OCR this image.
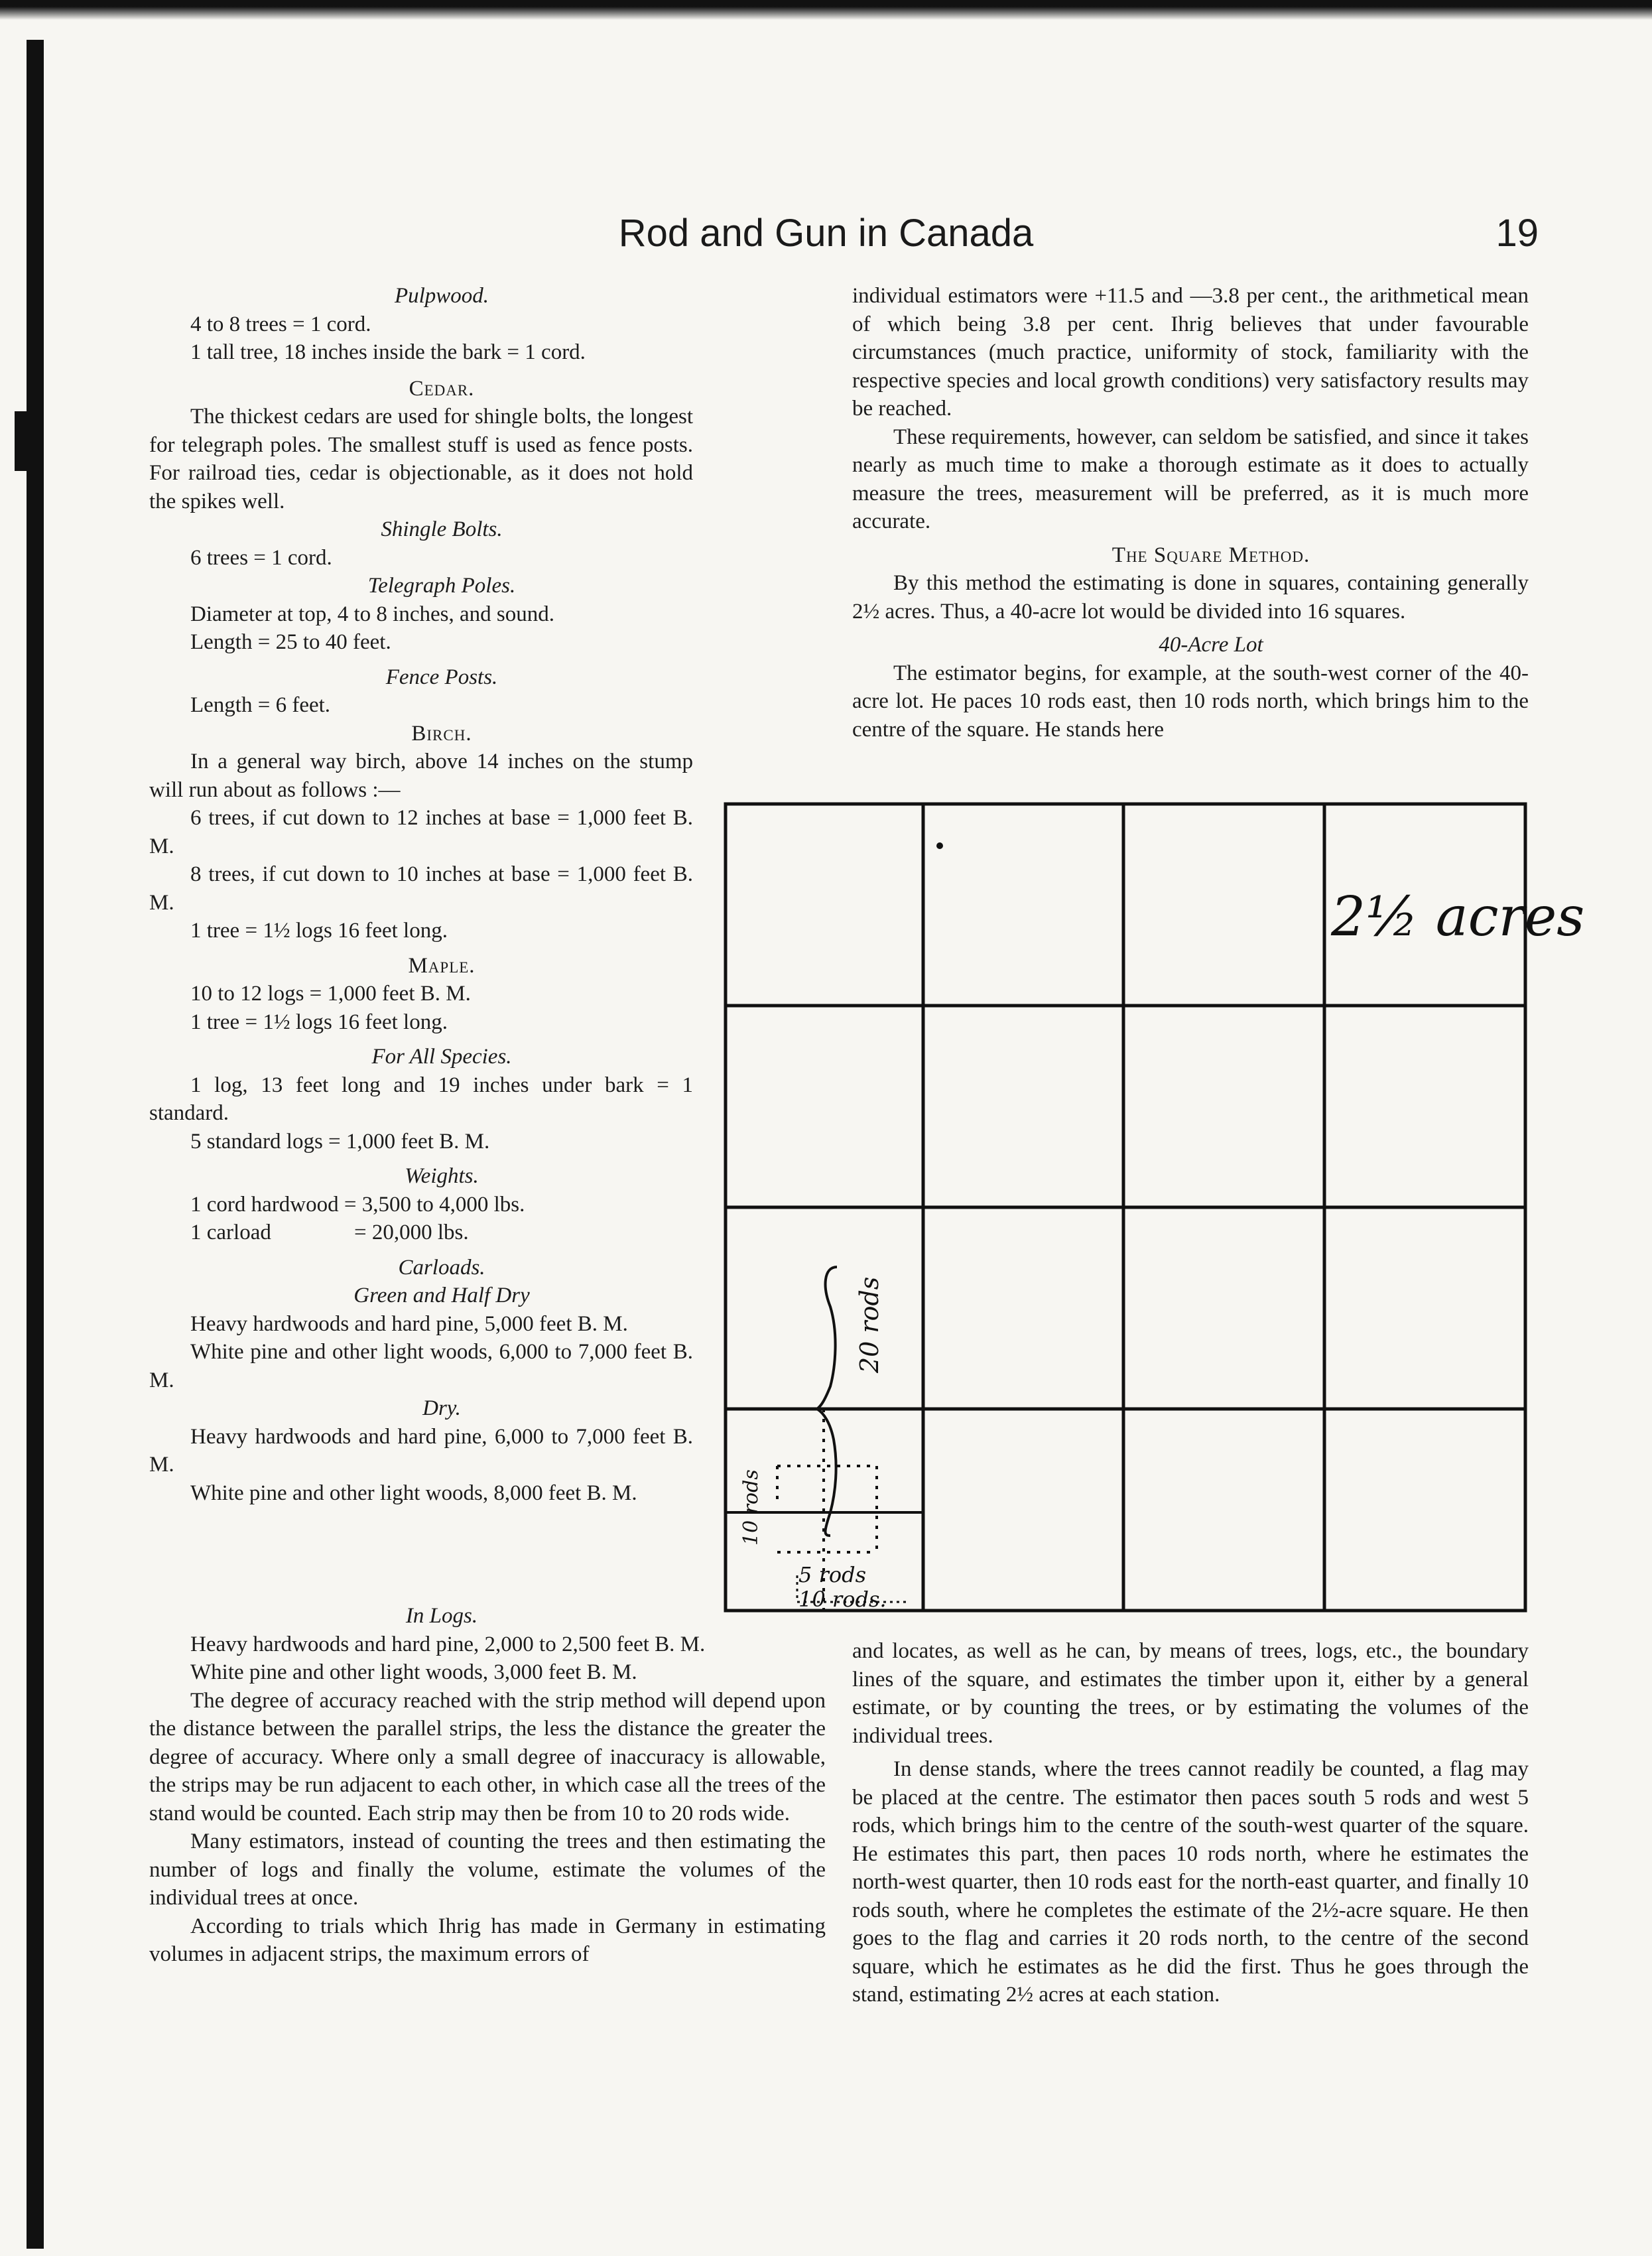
Rod and Gun in Canada	19

Pulpwood.

4 to 8 trees = 1 cord.

1 tall tree, 18 inches inside the bark = 1 cord.

Cedar.

The thickest cedars are used for shingle bolts, the longest for telegraph poles. The smallest stuff is used as fence posts. For railroad ties, cedar is objectionable, as it does not hold the spikes well.

Shingle Bolts.

6 trees = 1 cord.

Telegraph Poles.

Diameter at top, 4 to 8 inches, and sound.

Length = 25 to 40 feet.

Fence Posts.

Length = 6 feet.

Birch.

In a general way birch, above 14 inches on the stump will run about as follows :—

6 trees, if cut down to 12 inches at base = 1,000 feet B. M.

8 trees, if cut down to 10 inches at base = 1,000 feet B. M.

1 tree = 1½ logs 16 feet long.

Maple.

10 to 12 logs = 1,000 feet B. M.

1 tree = 1½ logs 16 feet long.

For All Species.

1 log, 13 feet long and 19 inches under bark = 1 standard.

5 standard logs = 1,000 feet B. M.

Weights.

1 cord hardwood = 3,500 to 4,000 lbs.

1 carload	= 20,000 lbs.

Carloads.

Green and Half Dry

Heavy hardwoods and hard pine, 5,000 feet B. M.

White pine and other light woods, 6,000 to 7,000 feet B. M.

Dry.

Heavy hardwoods and hard pine, 6,000 to 7,000 feet B. M.

White pine and other light woods, 8,000 feet B. M.

In Logs.

Heavy hardwoods and hard pine, 2,000 to 2,500 feet B. M.

White pine and other light woods, 3,000 feet B. M.

The degree of accuracy reached with the strip method will depend upon the distance between the parallel strips, the less the distance the greater the degree of accuracy. Where only a small degree of inaccuracy is allowable, the strips may be run adjacent to each other, in which case all the trees of the stand would be counted. Each strip may then be from 10 to 20 rods wide.

Many estimators, instead of counting the trees and then estimating the number of logs and finally the volume, estimate the volumes of the individual trees at once.

According to trials which Ihrig has made in Germany in estimating volumes in adjacent strips, the maximum errors of

individual estimators were +11.5 and —3.8 per cent., the arithmetical mean of which being 3.8 per cent. Ihrig believes that under favourable circumstances (much practice, uniformity of stock, familiarity with the respective species and local growth conditions) very satisfactory results may be reached.

These requirements, however, can seldom be satisfied, and since it takes nearly as much time to make a thorough estimate as it does to actually measure the trees, measurement will be preferred, as it is much more accurate.

The Square Method.

By this method the estimating is done in squares, containing generally 2½ acres. Thus, a 40-acre lot would be divided into 16 squares.

40-Acre Lot

The estimator begins, for example, at the south-west corner of the 40-acre lot. He paces 10 rods east, then 10 rods north, which brings him to the centre of the square. He stands here

2½ acres
20 rods
10 rods
5 rods
10 rods.

and locates, as well as he can, by means of trees, logs, etc., the boundary lines of the square, and estimates the timber upon it, either by a general estimate, or by counting the trees, or by estimating the volumes of the individual trees.

In dense stands, where the trees cannot readily be counted, a flag may be placed at the centre. The estimator then paces south 5 rods and west 5 rods, which brings him to the centre of the south-west quarter of the square. He estimates this part, then paces 10 rods north, where he estimates the north-west quarter, then 10 rods east for the north-east quarter, and finally 10 rods south, where he completes the estimate of the 2½-acre square. He then goes to the flag and carries it 20 rods north, to the centre of the second square, which he estimates as he did the first. Thus he goes through the stand, estimating 2½ acres at each station.
